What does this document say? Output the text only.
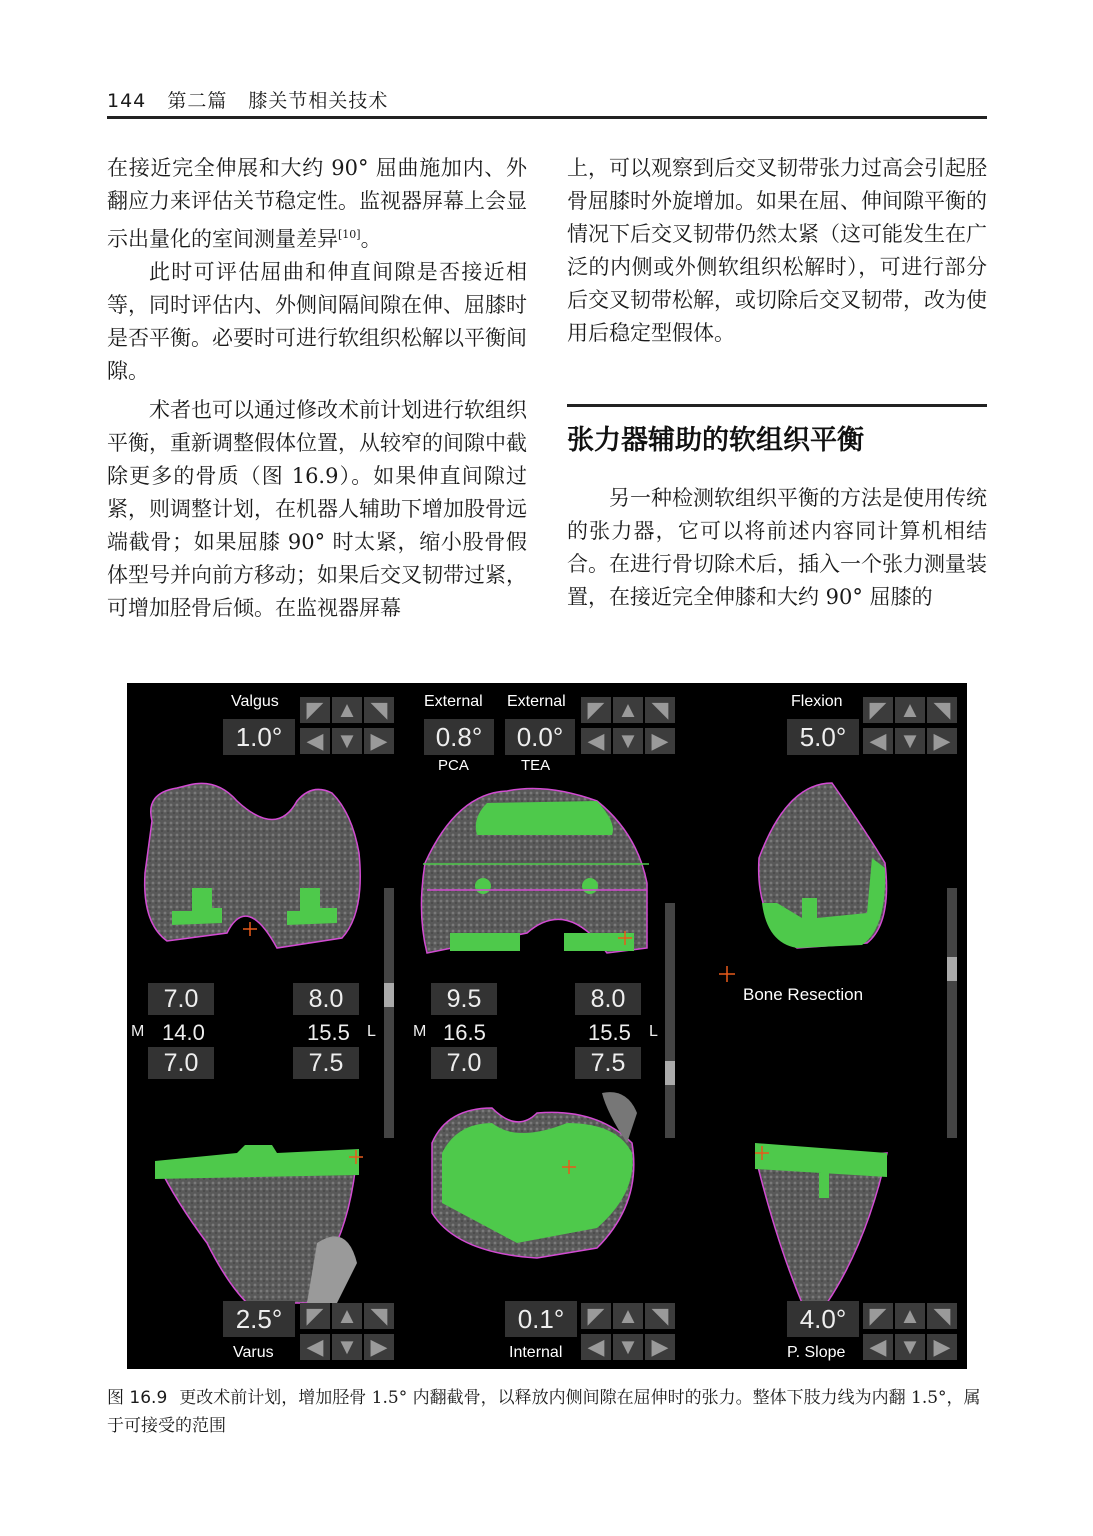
144 第二篇 膝关节相关技术

在接近完全伸展和大约 90° 屈曲施加内、外翻应力来评估关节稳定性。监视器屏幕上会显示出量化的室间测量差异[10]。

此时可评估屈曲和伸直间隙是否接近相等，同时评估内、外侧间隔间隙在伸、屈膝时是否平衡。必要时可进行软组织松解以平衡间隙。

术者也可以通过修改术前计划进行软组织平衡，重新调整假体位置，从较窄的间隙中截除更多的骨质（图 16.9）。如果伸直间隙过紧，则调整计划，在机器人辅助下增加股骨远端截骨；如果屈膝 90° 时太紧，缩小股骨假体型号并向前方移动；如果后交叉韧带过紧，可增加胫骨后倾。在监视器屏幕

上，可以观察到后交叉韧带张力过高会引起胫骨屈膝时外旋增加。如果在屈、伸间隙平衡的情况下后交叉韧带仍然太紧（这可能发生在广泛的内侧或外侧软组织松解时），可进行部分后交叉韧带松解，或切除后交叉韧带，改为使用后稳定型假体。

张力器辅助的软组织平衡

另一种检测软组织平衡的方法是使用传统的张力器，它可以将前述内容同计算机相结合。在进行骨切除术后，插入一个张力测量装置，在接近完全伸膝和大约 90° 屈膝的

Valgus
1.0°
◤ ▲ ◥
◀ ▼ ▶
External
0.8°
PCA
External
0.0°
TEA
◤ ▲ ◥
◀ ▼ ▶
Flexion
5.0°
◤ ▲ ◥
◀ ▼ ▶
7.0	8.0
M 14.0	15.5 L
7.0	7.5
9.5	8.0
M 16.5	15.5 L
7.0	7.5
Bone Resection
2.5°
Varus
◤ ▲ ◥
◀ ▼ ▶
0.1°
Internal
◤ ▲ ◥
◀ ▼ ▶
4.0°
P. Slope
◤ ▲ ◥
◀ ▼ ▶
图 16.9 更改术前计划，增加胫骨 1.5° 内翻截骨，以释放内侧间隙在屈伸时的张力。整体下肢力线为内翻 1.5°，属于可接受的范围
